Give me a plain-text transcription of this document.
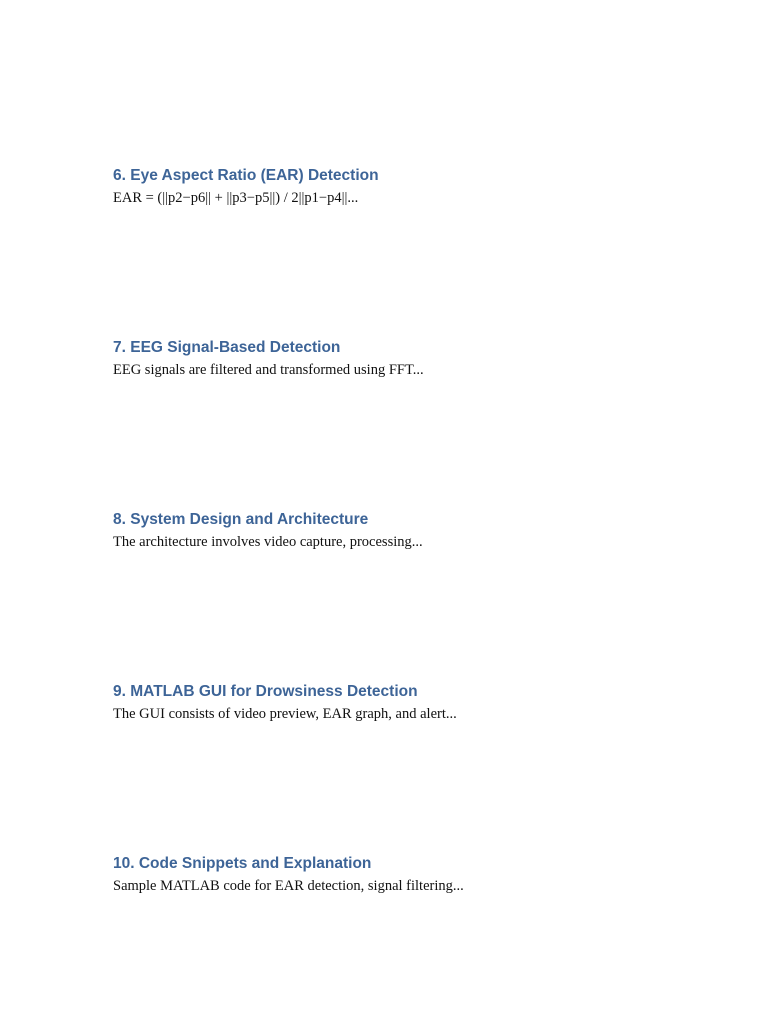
6. Eye Aspect Ratio (EAR) Detection

EAR = (||p2−p6|| + ||p3−p5||) / 2||p1−p4||...

7. EEG Signal-Based Detection

EEG signals are filtered and transformed using FFT...

8. System Design and Architecture

The architecture involves video capture, processing...

9. MATLAB GUI for Drowsiness Detection

The GUI consists of video preview, EAR graph, and alert...

10. Code Snippets and Explanation

Sample MATLAB code for EAR detection, signal filtering...
